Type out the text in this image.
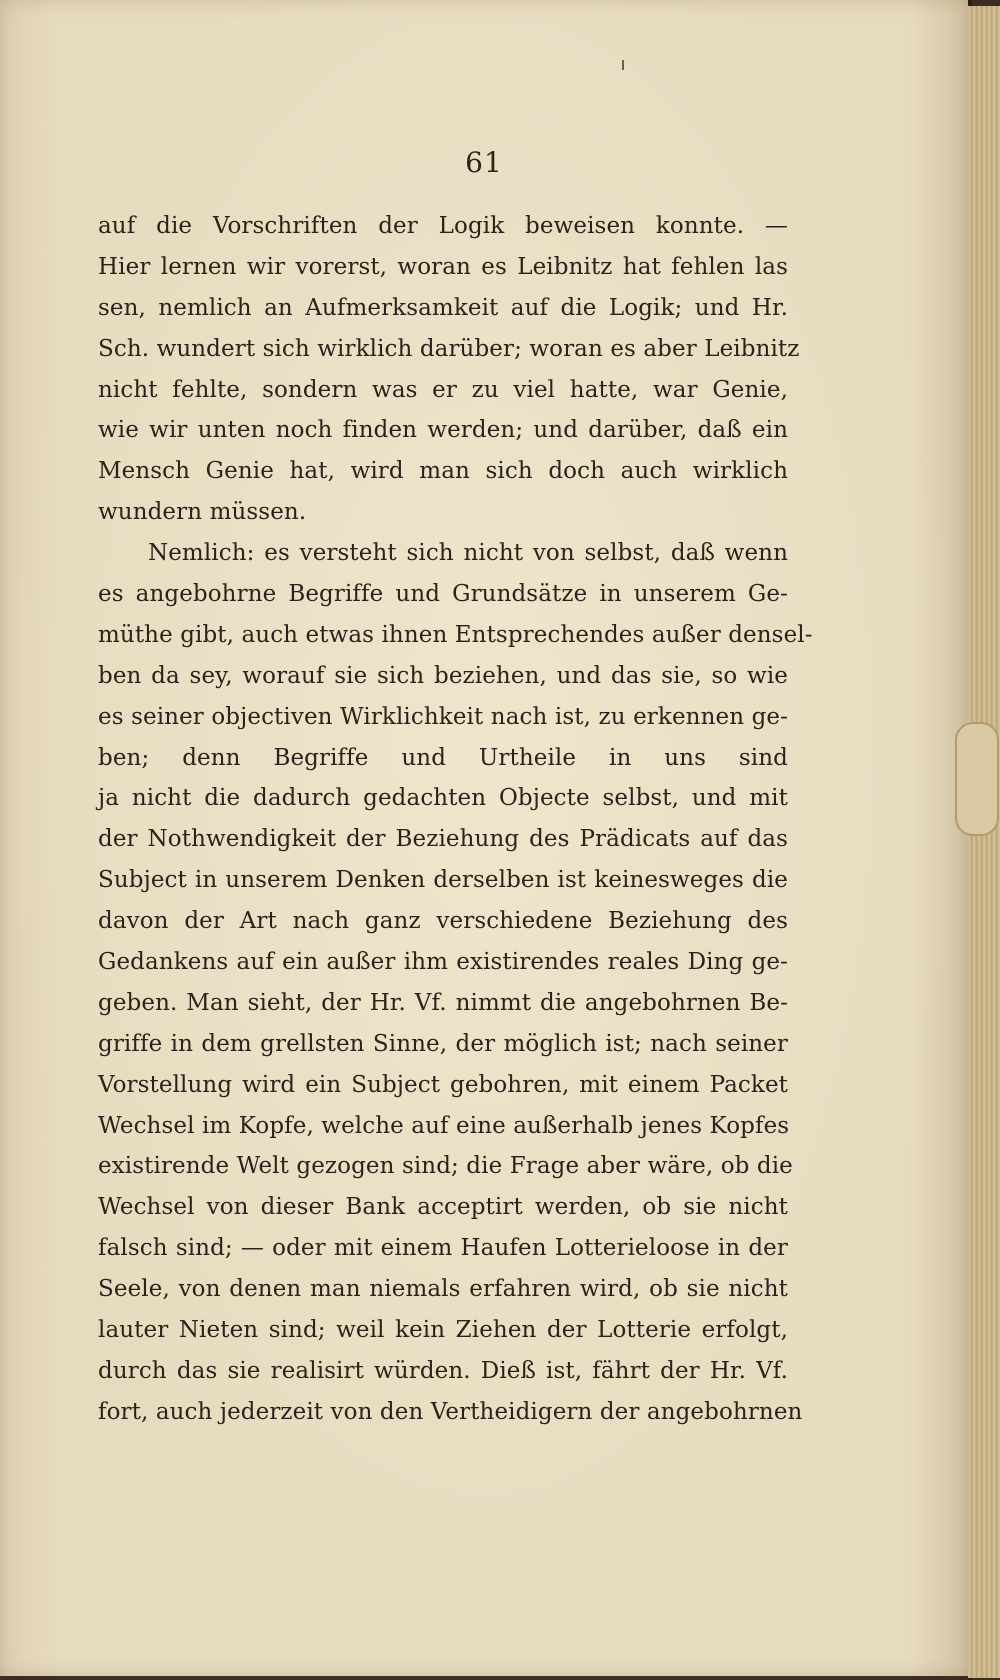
61
auf die Vorschriften der Logik beweisen konnte. —
Hier lernen wir vorerst, woran es Leibnitz hat fehlen las
sen, nemlich an Aufmerksamkeit auf die Logik; und Hr.
Sch. wundert sich wirklich darüber; woran es aber Leibnitz
nicht fehlte, sondern was er zu viel hatte, war Genie,
wie wir unten noch finden werden; und darüber, daß ein
Mensch Genie hat, wird man sich doch auch wirklich
wundern müssen.
Nemlich: es versteht sich nicht von selbst, daß wenn
es angebohrne Begriffe und Grundsätze in unserem Ge-
müthe gibt, auch etwas ihnen Entsprechendes außer densel-
ben da sey, worauf sie sich beziehen, und das sie, so wie
es seiner objectiven Wirklichkeit nach ist, zu erkennen ge-
ben; denn Begriffe und Urtheile in uns sind
ja nicht die dadurch gedachten Objecte selbst, und mit
der Nothwendigkeit der Beziehung des Prädicats auf das
Subject in unserem Denken derselben ist keinesweges die
davon der Art nach ganz verschiedene Beziehung des
Gedankens auf ein außer ihm existirendes reales Ding ge-
geben. Man sieht, der Hr. Vf. nimmt die angebohrnen Be-
griffe in dem grellsten Sinne, der möglich ist; nach seiner
Vorstellung wird ein Subject gebohren, mit einem Packet
Wechsel im Kopfe, welche auf eine außerhalb jenes Kopfes
existirende Welt gezogen sind; die Frage aber wäre, ob die
Wechsel von dieser Bank acceptirt werden, ob sie nicht
falsch sind; — oder mit einem Haufen Lotterieloose in der
Seele, von denen man niemals erfahren wird, ob sie nicht
lauter Nieten sind; weil kein Ziehen der Lotterie erfolgt,
durch das sie realisirt würden. Dieß ist, fährt der Hr. Vf.
fort, auch jederzeit von den Vertheidigern der angebohrnen
